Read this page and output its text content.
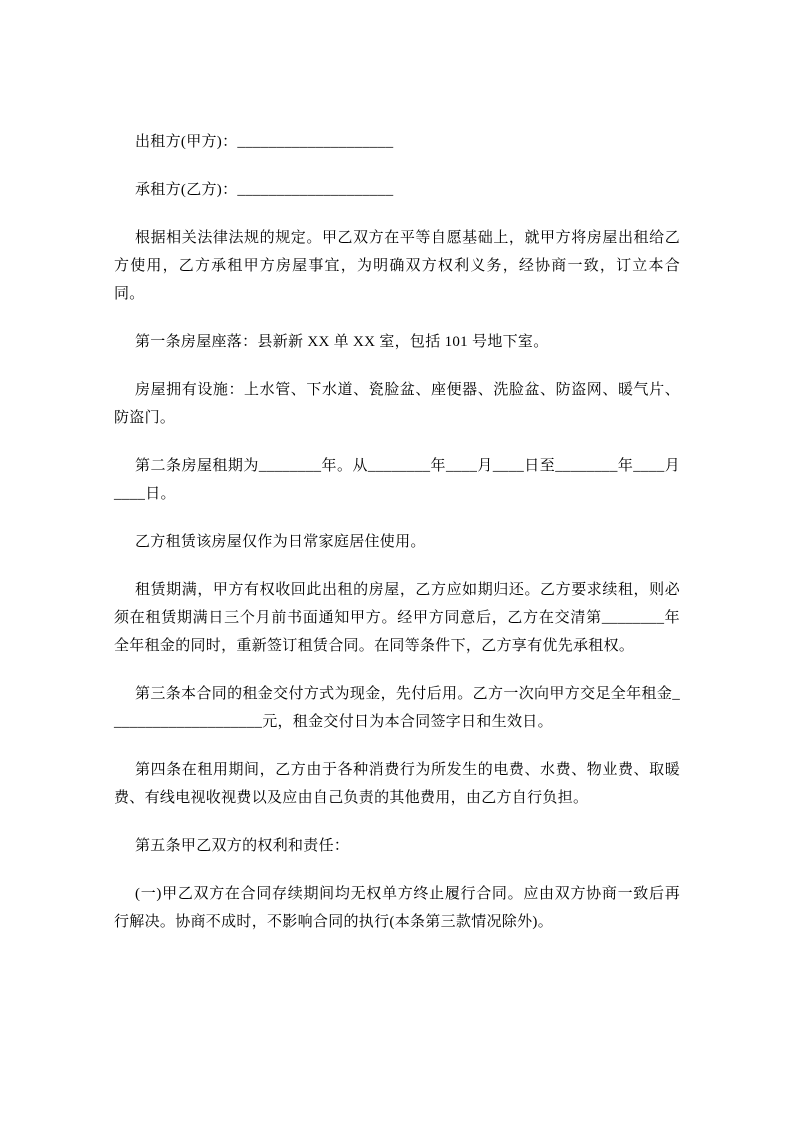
出租方(甲方)：____________________

承租方(乙方)：____________________

根据相关法律法规的规定。甲乙双方在平等自愿基础上，就甲方将房屋出租给乙方使用，乙方承租甲方房屋事宜，为明确双方权利义务，经协商一致，订立本合同。

第一条房屋座落：县新新 XX 单 XX 室，包括 101 号地下室。

房屋拥有设施：上水管、下水道、瓷脸盆、座便器、洗脸盆、防盗网、暖气片、防盗门。

第二条房屋租期为________年。从________年____月____日至________年____月____日。

乙方租赁该房屋仅作为日常家庭居住使用。

租赁期满，甲方有权收回此出租的房屋，乙方应如期归还。乙方要求续租，则必须在租赁期满日三个月前书面通知甲方。经甲方同意后，乙方在交清第________年全年租金的同时，重新签订租赁合同。在同等条件下，乙方享有优先承租权。

第三条本合同的租金交付方式为现金，先付后用。乙方一次向甲方交足全年租金____________________元，租金交付日为本合同签字日和生效日。

第四条在租用期间，乙方由于各种消费行为所发生的电费、水费、物业费、取暖费、有线电视收视费以及应由自己负责的其他费用，由乙方自行负担。

第五条甲乙双方的权利和责任：

(一)甲乙双方在合同存续期间均无权单方终止履行合同。应由双方协商一致后再行解决。协商不成时，不影响合同的执行(本条第三款情况除外)。
